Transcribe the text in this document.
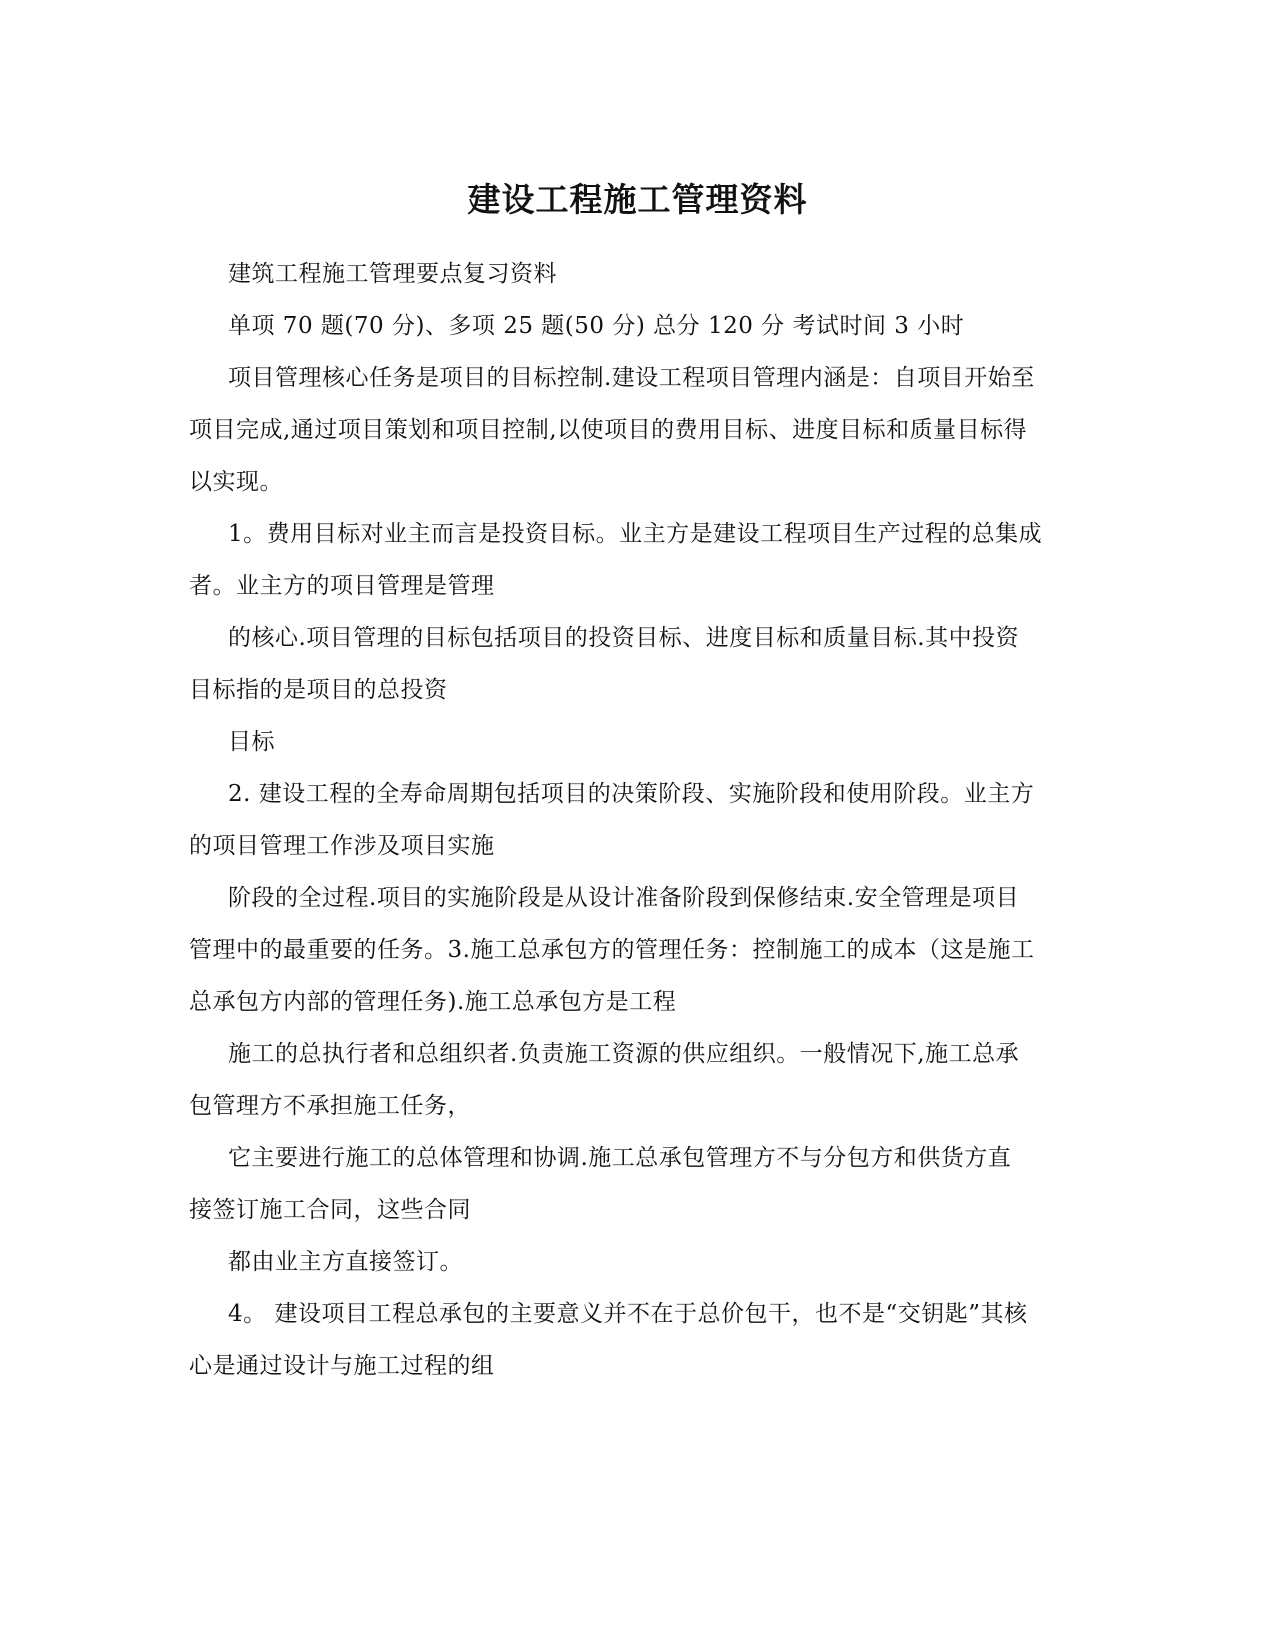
建设工程施工管理资料
建筑工程施工管理要点复习资料
单项 70 题(70 分)、多项 25 题(50 分) 总分 120 分 考试时间 3 小时
项目管理核心任务是项目的目标控制.建设工程项目管理内涵是：自项目开始至
项目完成,通过项目策划和项目控制,以使项目的费用目标、进度目标和质量目标得
以实现。
1。费用目标对业主而言是投资目标。业主方是建设工程项目生产过程的总集成
者。业主方的项目管理是管理
的核心.项目管理的目标包括项目的投资目标、进度目标和质量目标.其中投资
目标指的是项目的总投资
目标
2. 建设工程的全寿命周期包括项目的决策阶段、实施阶段和使用阶段。业主方
的项目管理工作涉及项目实施
阶段的全过程.项目的实施阶段是从设计准备阶段到保修结束.安全管理是项目
管理中的最重要的任务。3.施工总承包方的管理任务：控制施工的成本（这是施工
总承包方内部的管理任务).施工总承包方是工程
施工的总执行者和总组织者.负责施工资源的供应组织。一般情况下,施工总承
包管理方不承担施工任务，
它主要进行施工的总体管理和协调.施工总承包管理方不与分包方和供货方直
接签订施工合同，这些合同
都由业主方直接签订。
4。 建设项目工程总承包的主要意义并不在于总价包干，也不是“交钥匙”其核
心是通过设计与施工过程的组
